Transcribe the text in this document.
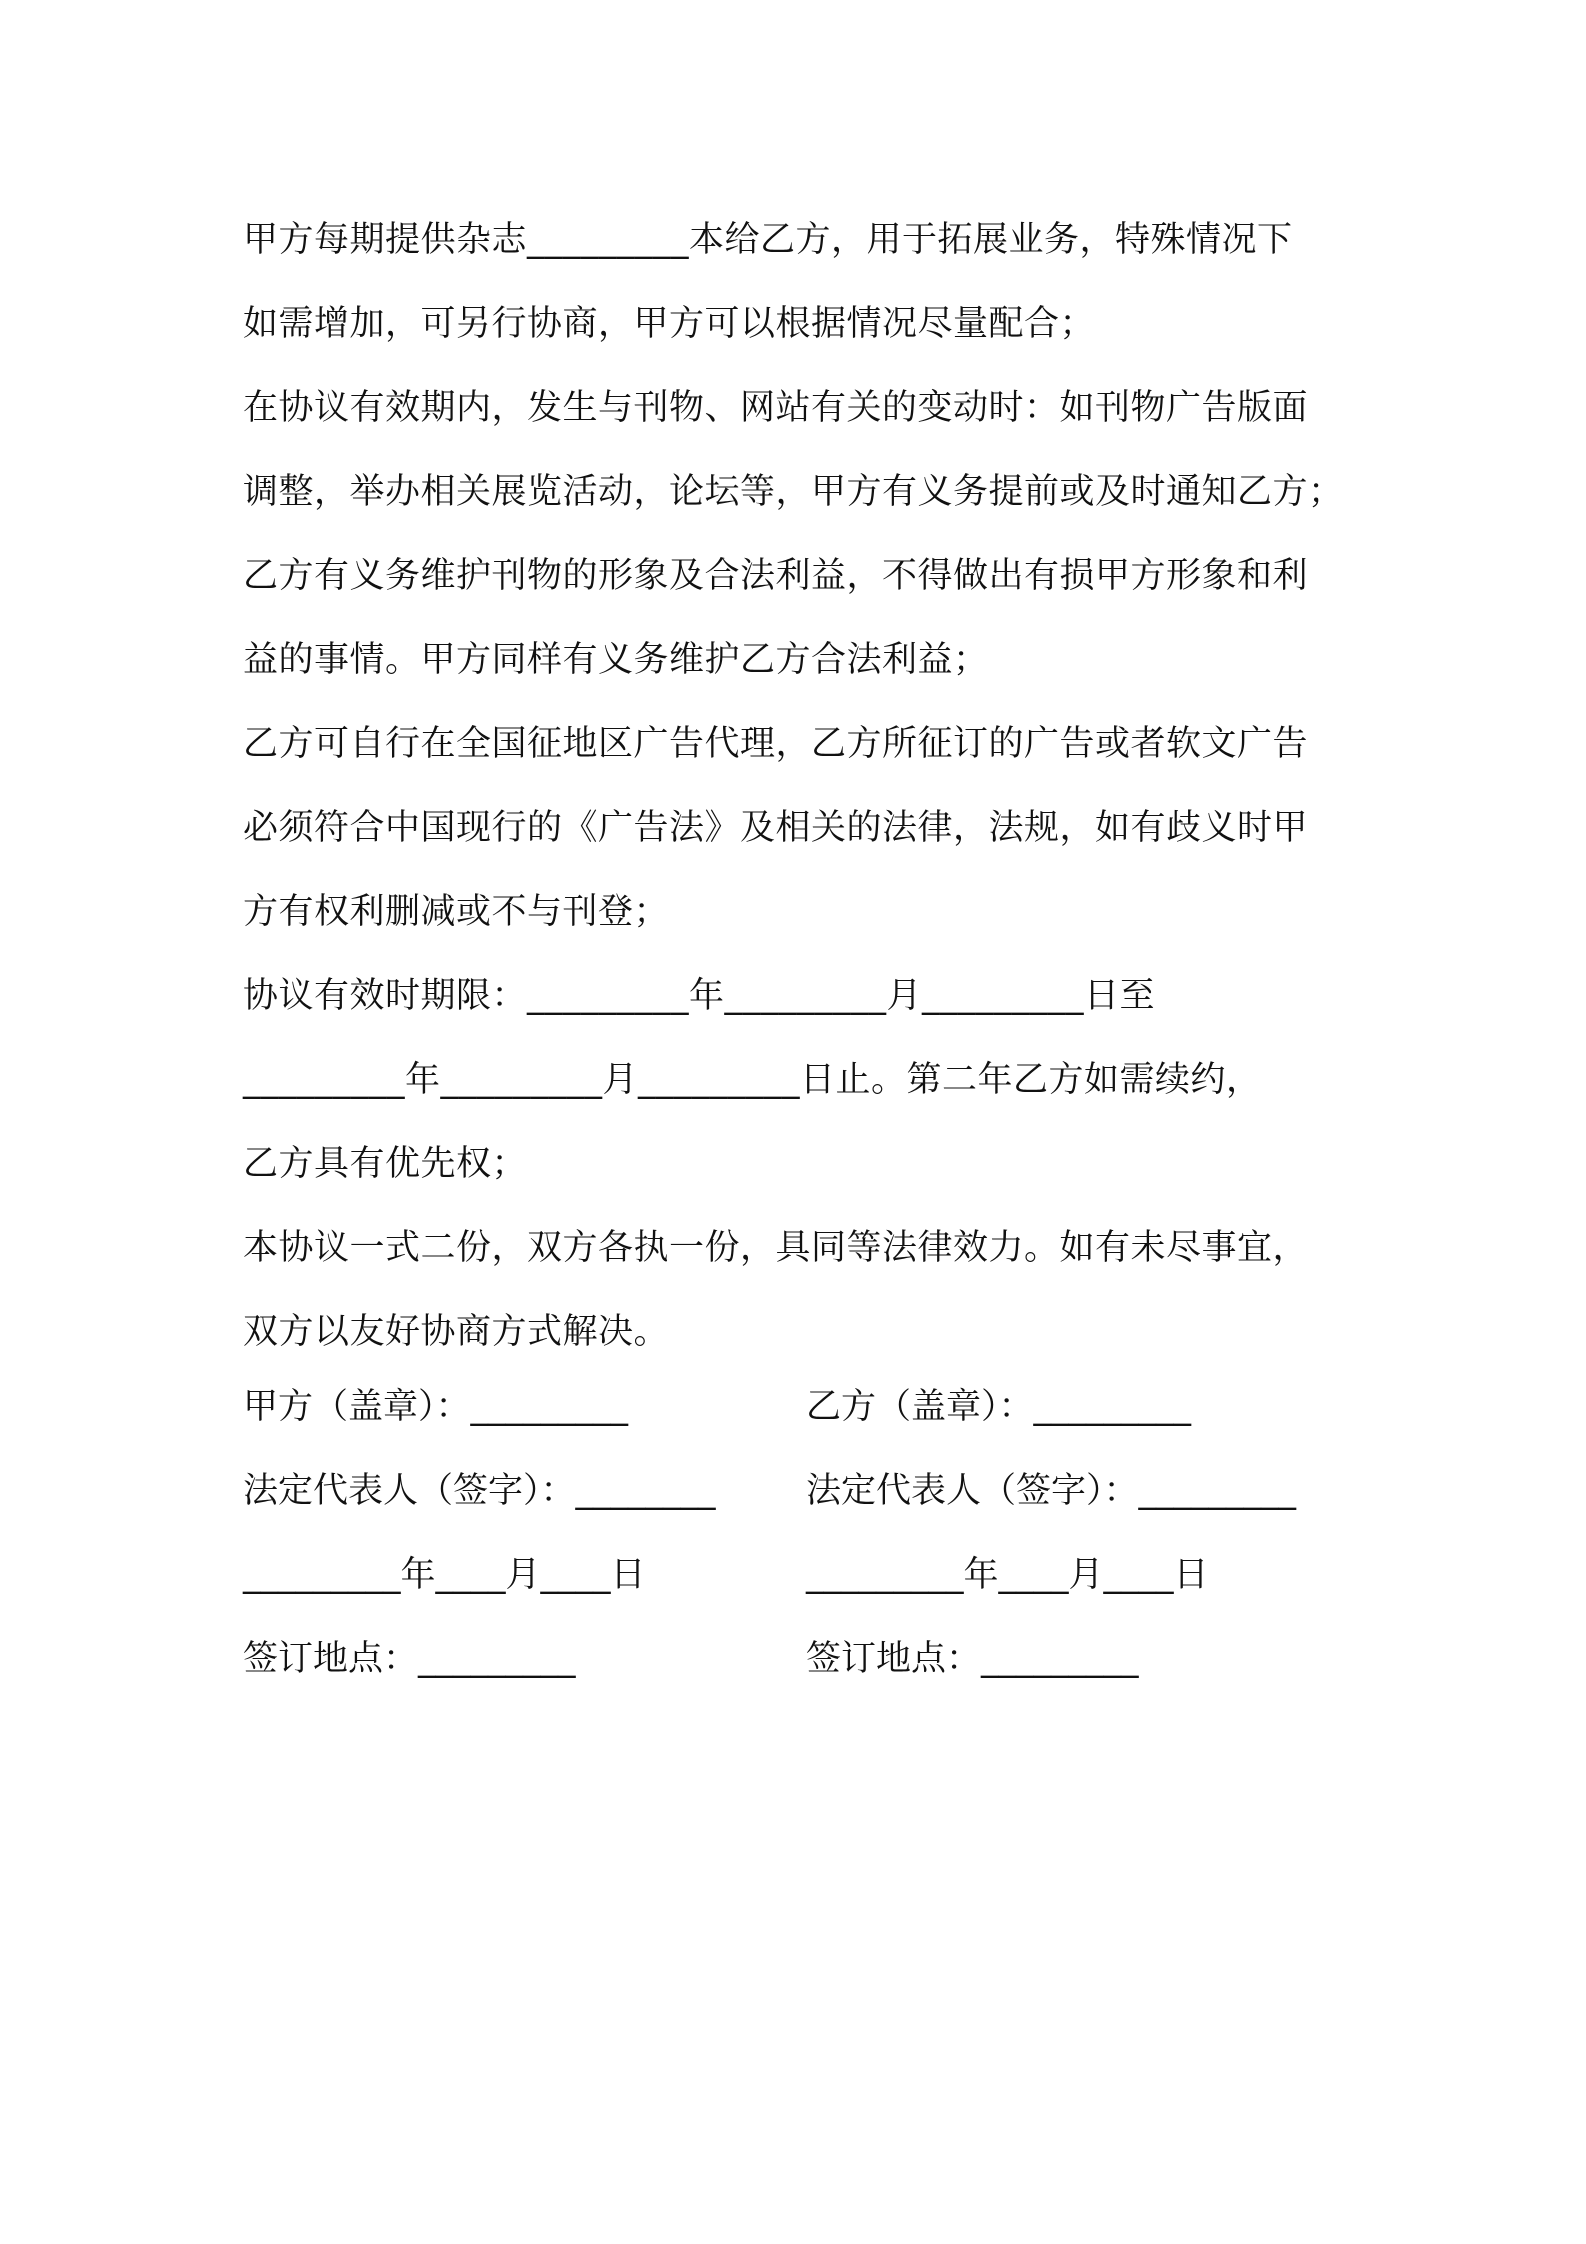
甲方每期提供杂志_________本给乙方，用于拓展业务，特殊情况下
如需增加，可另行协商，甲方可以根据情况尽量配合；

在协议有效期内，发生与刊物、网站有关的变动时：如刊物广告版面
调整，举办相关展览活动，论坛等，甲方有义务提前或及时通知乙方；

乙方有义务维护刊物的形象及合法利益，不得做出有损甲方形象和利
益的事情。甲方同样有义务维护乙方合法利益；

乙方可自行在全国征地区广告代理，乙方所征订的广告或者软文广告
必须符合中国现行的《广告法》及相关的法律，法规，如有歧义时甲
方有权利删减或不与刊登；

协议有效时期限：_________年_________月_________日至
_________年_________月_________日止。第二年乙方如需续约，
乙方具有优先权；

本协议一式二份，双方各执一份，具同等法律效力。如有未尽事宜，
双方以友好协商方式解决。

甲方（盖章）：_________	乙方（盖章）：_________
法定代表人（签字）：________	法定代表人（签字）：_________
_________年____月____日	_________年____月____日
签订地点：_________	签订地点：_________
